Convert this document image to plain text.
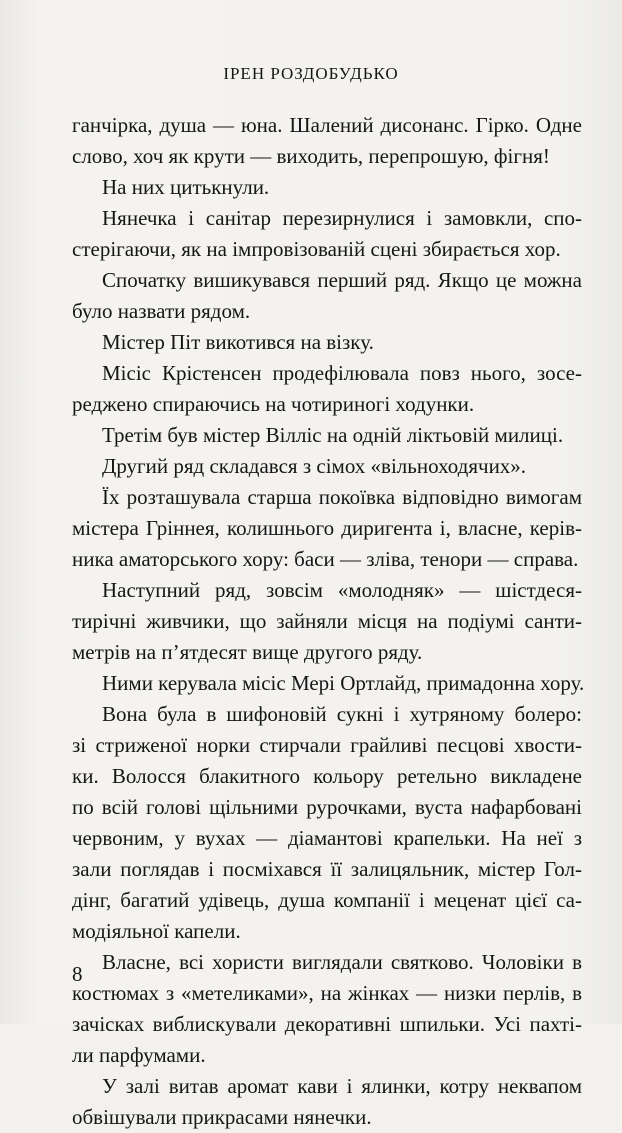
ІРЕН РОЗДОБУДЬКО
ганчірка, душа — юна. Шалений дисонанс. Гірко. Одне
слово, хоч як крути — виходить, перепрошую, фігня!
На них цитькнули.
Нянечка і санітар перезирнулися і замовкли, спо-
стерігаючи, як на імпровізованій сцені збирається хор.
Спочатку вишикувався перший ряд. Якщо це можна
було назвати рядом.
Містер Піт викотився на візку.
Місіс Крістенсен продефілювала повз нього, зосе-
реджено спираючись на чотириногі ходунки.
Третім був містер Вілліс на одній ліктьовій милиці.
Другий ряд складався з сімох «вільноходячих».
Їх розташувала старша покоївка відповідно вимогам
містера Гріннея, колишнього диригента і, власне, керів-
ника аматорського хору: баси — зліва, тенори — справа.
Наступний ряд, зовсім «молодняк» — шістдеся-
тирічні живчики, що зайняли місця на подіумі санти-
метрів на п’ятдесят вище другого ряду.
Ними керувала місіс Мері Ортлайд, примадонна хору.
Вона була в шифоновій сукні і хутряному болеро:
зі стриженої норки стирчали грайливі песцові хвости-
ки. Волосся блакитного кольору ретельно викладене
по всій голові щільними рурочками, вуста нафарбовані
червоним, у вухах — діамантові крапельки. На неї з
зали поглядав і посміхався її залицяльник, містер Гол-
дінг, багатий удівець, душа компанії і меценат цієї са-
модіяльної капели.
Власне, всі хористи виглядали святково. Чоловіки в
костюмах з «метеликами», на жінках — низки перлів, в
зачісках виблискували декоративні шпильки. Усі пахті-
ли парфумами.
У залі витав аромат кави і ялинки, котру неквапом
обвішували прикрасами нянечки.
8
